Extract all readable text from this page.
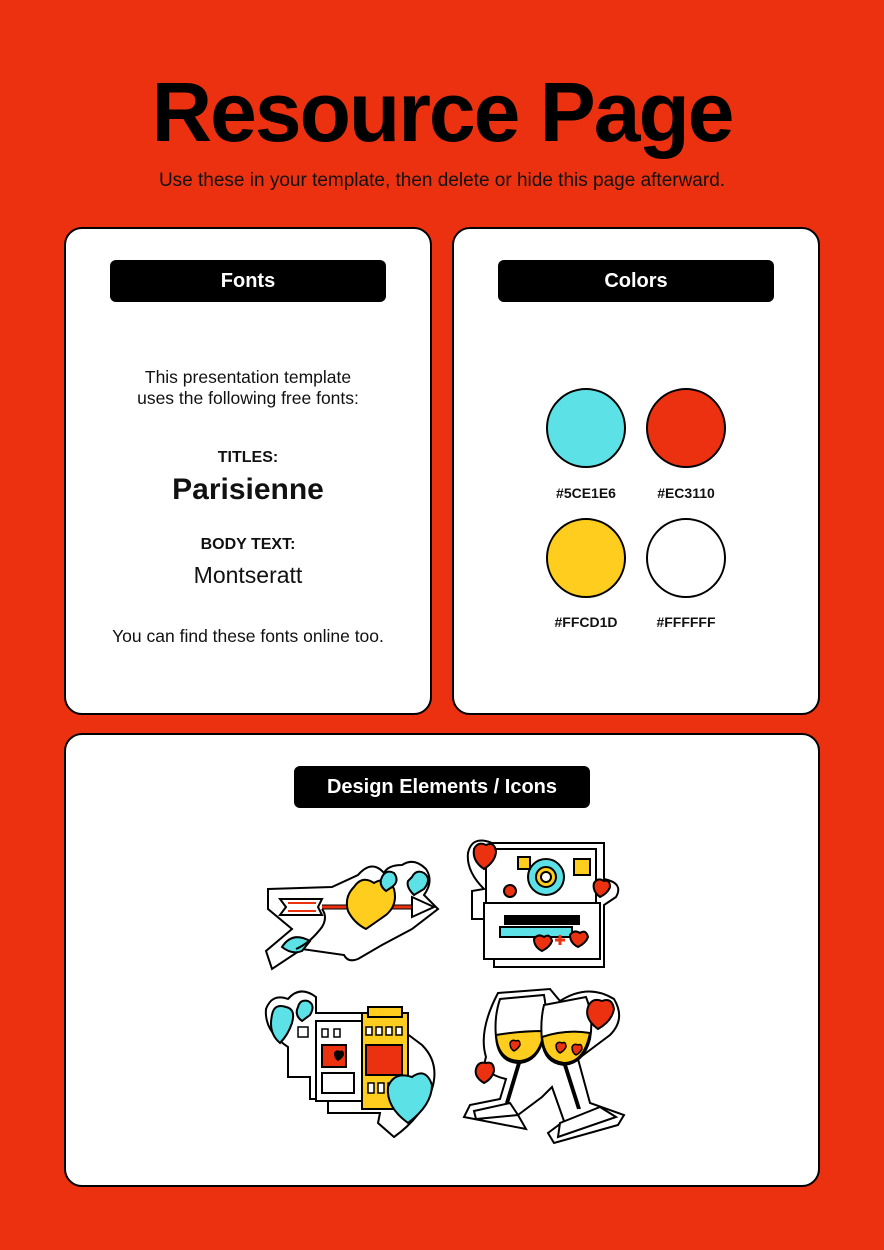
Resource Page
Use these in your template, then delete or hide this page afterward.
Fonts
This presentation template
uses the following free fonts:
TITLES:
Parisienne
BODY TEXT:
Montseratt
You can find these fonts online too.
Colors
#5CE1E6	#EC3110
#FFCD1D	#FFFFFF
Design Elements / Icons
